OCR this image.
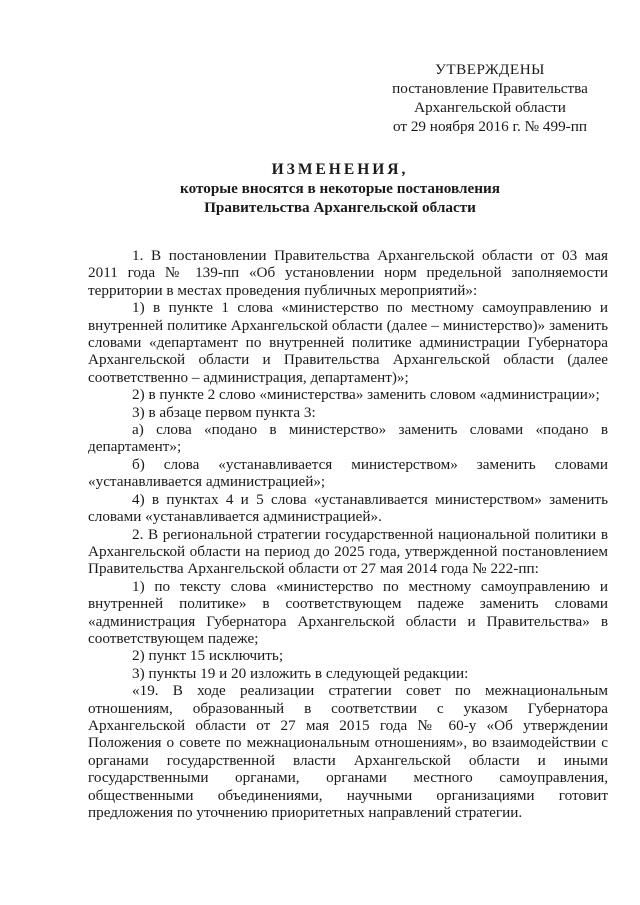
УТВЕРЖДЕНЫ
постановление Правительства
Архангельской области
от 29 ноября 2016 г. № 499-пп
ИЗМЕНЕНИЯ,
которые вносятся в некоторые постановления
Правительства Архангельской области

1. В постановлении Правительства Архангельской области от 03 мая 2011 года № 139-пп «Об установлении норм предельной заполняемости территории в местах проведения публичных мероприятий»:

1) в пункте 1 слова «министерство по местному самоуправлению и внутренней политике Архангельской области (далее – министерство)» заменить словами «департамент по внутренней политике администрации Губернатора Архангельской области и Правительства Архангельской области (далее соответственно – администрация, департамент)»;

2) в пункте 2 слово «министерства» заменить словом «администрации»;

3) в абзаце первом пункта 3:

а) слова «подано в министерство» заменить словами «подано в департамент»;

б) слова «устанавливается министерством» заменить словами «устанавливается администрацией»;

4) в пунктах 4 и 5 слова «устанавливается министерством» заменить словами «устанавливается администрацией».

2. В региональной стратегии государственной национальной политики в Архангельской области на период до 2025 года, утвержденной постановлением Правительства Архангельской области от 27 мая 2014 года № 222-пп:

1) по тексту слова «министерство по местному самоуправлению и внутренней политике» в соответствующем падеже заменить словами «администрация Губернатора Архангельской области и Правительства» в соответствующем падеже;

2) пункт 15 исключить;

3) пункты 19 и 20 изложить в следующей редакции:

«19. В ходе реализации стратегии совет по межнациональным отношениям, образованный в соответствии с указом Губернатора Архангельской области от 27 мая 2015 года № 60-у «Об утверждении Положения о совете по межнациональным отношениям», во взаимодействии с органами государственной власти Архангельской области и иными государственными органами, органами местного самоуправления, общественными объединениями, научными организациями готовит предложения по уточнению приоритетных направлений стратегии.
